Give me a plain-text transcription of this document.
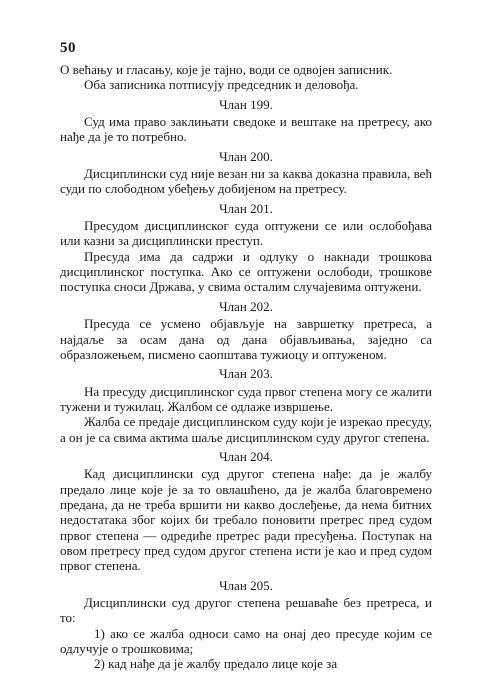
50

О већању и гласању, које је тајно, води се одвојен записник.

Оба записника потписују председник и деловођа.

Члан 199.

Суд има право заклињати сведоке и вештаке на претресу, ако нађе да је то потребно.

Члан 200.

Дисциплински суд није везан ни за каква доказна правила, већ суди по слободном убеђењу добијеном на претресу.

Члан 201.

Пресудом дисциплинског суда оптужени се или ослобођава или казни за дисциплински преступ.

Пресуда има да садржи и одлуку о накнади трошкова дисциплинског поступка. Ако се оптужени ослободи, трошкове поступка сноси Држава, у свима осталим случајевима оптужени.

Члан 202.

Пресуда се усмено објављује на завршетку претреса, а најдаље за осам дана од дана објављивања, заједно са образложењем, писмено саопштава тужиоцу и оптуженом.

Члан 203.

На пресуду дисциплинског суда првог степена могу се жалити тужени и тужилац. Жалбом се одлаже извршење.

Жалба се предаје дисциплинском суду који је изрекао пресуду, а он је са свима актима шаље дисциплинском суду другог степена.

Члан 204.

Кад дисциплински суд другог степена нађе: да је жалбу предало лице које је за то овлашћено, да је жалба благовремено предана, да не треба вршити ни какво дослеђење, да нема битних недостатака због којих би требало поновити претрес пред судом првог степена — одредиће претрес ради пресуђења. Поступак на овом претресу пред судом другог степена исти је као и пред судом првог степена.

Члан 205.

Дисциплински суд другог степена решаваће без претреса, и то:

1) ако се жалба односи само на онај део пресуде којим се одлучује о трошковима;

2) кад нађе да је жалбу предало лице које за
